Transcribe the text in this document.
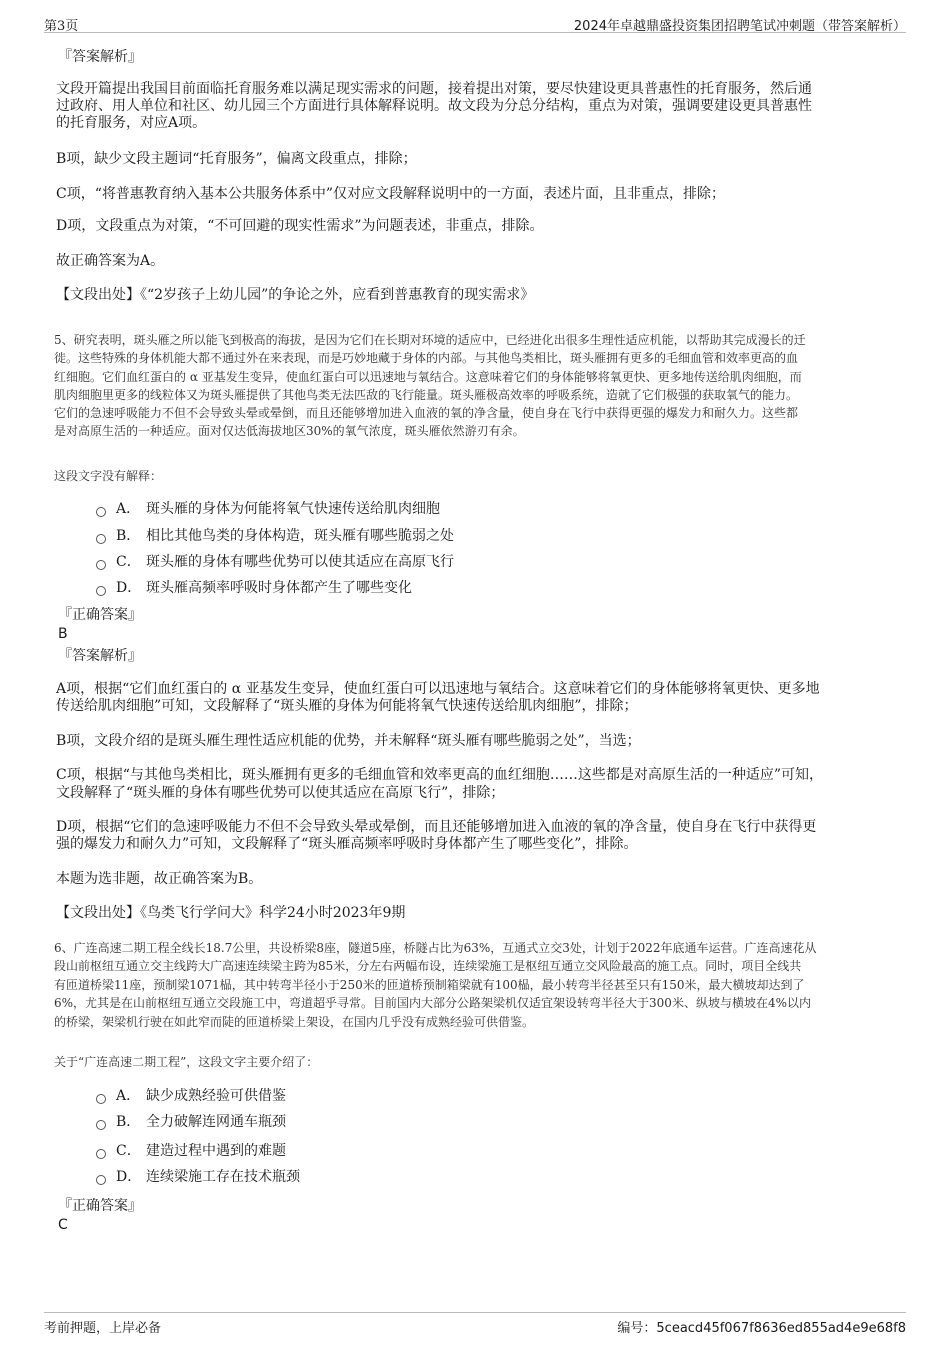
第3页	2024年卓越鼎盛投资集团招聘笔试冲刺题（带答案解析）
『答案解析』
文段开篇提出我国目前面临托育服务难以满足现实需求的问题，接着提出对策，要尽快建设更具普惠性的托育服务，然后通
过政府、用人单位和社区、幼儿园三个方面进行具体解释说明。故文段为分总分结构，重点为对策，强调要建设更具普惠性
的托育服务，对应A项。
B项，缺少文段主题词“托育服务”，偏离文段重点，排除；
C项，“将普惠教育纳入基本公共服务体系中”仅对应文段解释说明中的一方面，表述片面，且非重点，排除；
D项，文段重点为对策，“不可回避的现实性需求”为问题表述，非重点，排除。
故正确答案为A。
【文段出处】《“2岁孩子上幼儿园”的争论之外，应看到普惠教育的现实需求》
5、研究表明，斑头雁之所以能飞到极高的海拔，是因为它们在长期对环境的适应中，已经进化出很多生理性适应机能，以帮助其完成漫长的迁
徙。这些特殊的身体机能大都不通过外在来表现，而是巧妙地藏于身体的内部。与其他鸟类相比，斑头雁拥有更多的毛细血管和效率更高的血
红细胞。它们血红蛋白的 α 亚基发生变异，使血红蛋白可以迅速地与氧结合。这意味着它们的身体能够将氧更快、更多地传送给肌肉细胞，而
肌肉细胞里更多的线粒体又为斑头雁提供了其他鸟类无法匹敌的飞行能量。斑头雁极高效率的呼吸系统，造就了它们极强的获取氧气的能力。
它们的急速呼吸能力不但不会导致头晕或晕倒，而且还能够增加进入血液的氧的净含量，使自身在飞行中获得更强的爆发力和耐久力。这些都
是对高原生活的一种适应。面对仅达低海拔地区30%的氧气浓度，斑头雁依然游刃有余。
这段文字没有解释：
A． 斑头雁的身体为何能将氧气快速传送给肌肉细胞
B． 相比其他鸟类的身体构造，斑头雁有哪些脆弱之处
C． 斑头雁的身体有哪些优势可以使其适应在高原飞行
D． 斑头雁高频率呼吸时身体都产生了哪些变化
『正确答案』
B
『答案解析』
A项，根据“它们血红蛋白的 α 亚基发生变异，使血红蛋白可以迅速地与氧结合。这意味着它们的身体能够将氧更快、更多地
传送给肌肉细胞”可知，文段解释了“斑头雁的身体为何能将氧气快速传送给肌肉细胞”，排除；
B项，文段介绍的是斑头雁生理性适应机能的优势，并未解释“斑头雁有哪些脆弱之处”，当选；
C项，根据“与其他鸟类相比，斑头雁拥有更多的毛细血管和效率更高的血红细胞……这些都是对高原生活的一种适应”可知，
文段解释了“斑头雁的身体有哪些优势可以使其适应在高原飞行”，排除；
D项，根据“它们的急速呼吸能力不但不会导致头晕或晕倒，而且还能够增加进入血液的氧的净含量，使自身在飞行中获得更
强的爆发力和耐久力”可知，文段解释了“斑头雁高频率呼吸时身体都产生了哪些变化”，排除。
本题为选非题，故正确答案为B。
【文段出处】《鸟类飞行学问大》科学24小时2023年9期
6、广连高速二期工程全线长18.7公里，共设桥梁8座，隧道5座，桥隧占比为63%，互通式立交3处，计划于2022年底通车运营。广连高速花从
段山前枢纽互通立交主线跨大广高速连续梁主跨为85米，分左右两幅布设，连续梁施工是枢纽互通立交风险最高的施工点。同时，项目全线共
有匝道桥梁11座，预制梁1071榀，其中转弯半径小于250米的匝道桥预制箱梁就有100榀，最小转弯半径甚至只有150米，最大横坡却达到了
6%，尤其是在山前枢纽互通立交段施工中，弯道超乎寻常。目前国内大部分公路架梁机仅适宜架设转弯半径大于300米、纵坡与横坡在4%以内
的桥梁，架梁机行驶在如此窄而陡的匝道桥梁上架设，在国内几乎没有成熟经验可供借鉴。
关于“广连高速二期工程”，这段文字主要介绍了：
A． 缺少成熟经验可供借鉴
B． 全力破解连网通车瓶颈
C． 建造过程中遇到的难题
D． 连续梁施工存在技术瓶颈
『正确答案』
C
考前押题，上岸必备	编号：5ceacd45f067f8636ed855ad4e9e68f8
